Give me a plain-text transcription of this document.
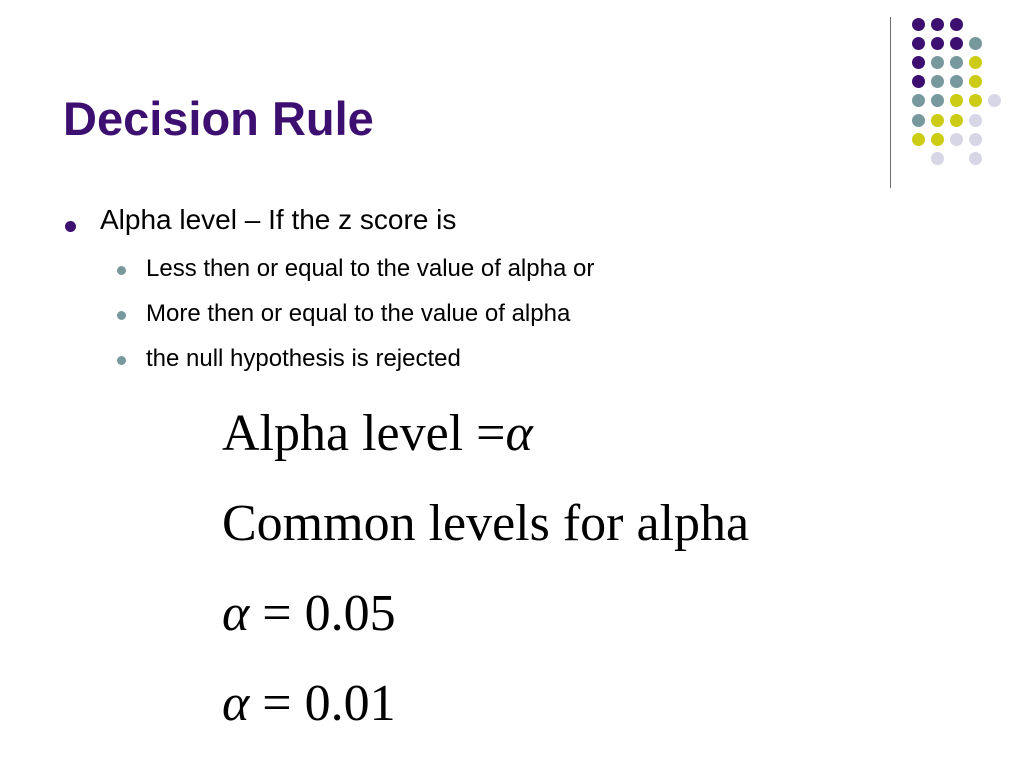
Decision Rule
Alpha level – If the z score is
Less then or equal to the value of alpha or
More then or equal to the value of alpha
the null hypothesis is rejected
Alpha level =α
Common levels for alpha
α = 0.05
α = 0.01
